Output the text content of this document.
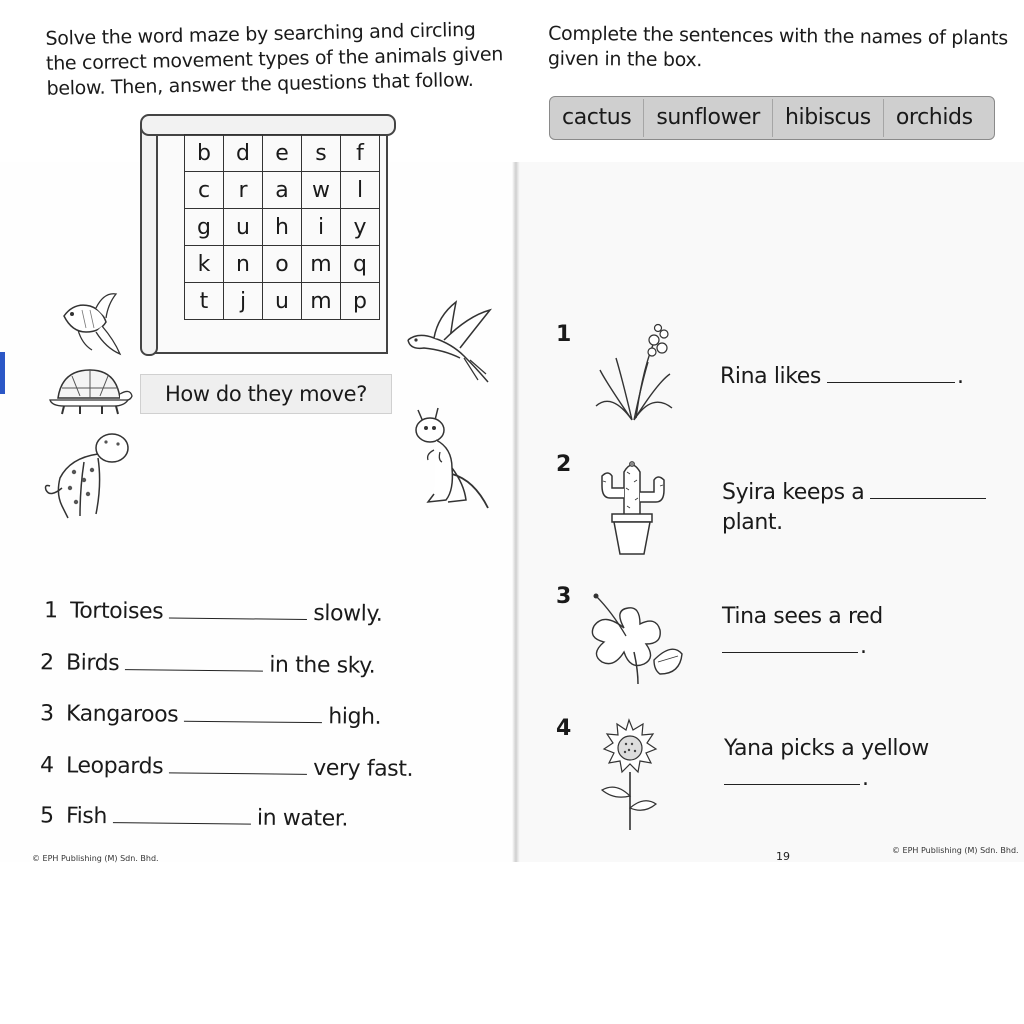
Solve the word maze by searching and circling the correct movement types of the animals given below. Then, answer the questions that follow.
b	d	e	s	f
c	r	a	w	l
g	u	h	i	y
k	n	o	m	q
t	j	u	m	p
How do they move?
1 Tortoises	slowly.
2 Birds	in the sky.
3 Kangaroos	high.
4 Leopards	very fast.
5 Fish	in water.
© EPH Publishing (M) Sdn. Bhd.
Complete the sentences with the names of plants given in the box.
cactus	sunflower	hibiscus	orchids
1
Rina likes	.
2
Syira keeps a
plant.
3
Tina sees a red
.
4
Yana picks a yellow
.
19	© EPH Publishing (M) Sdn. Bhd.
